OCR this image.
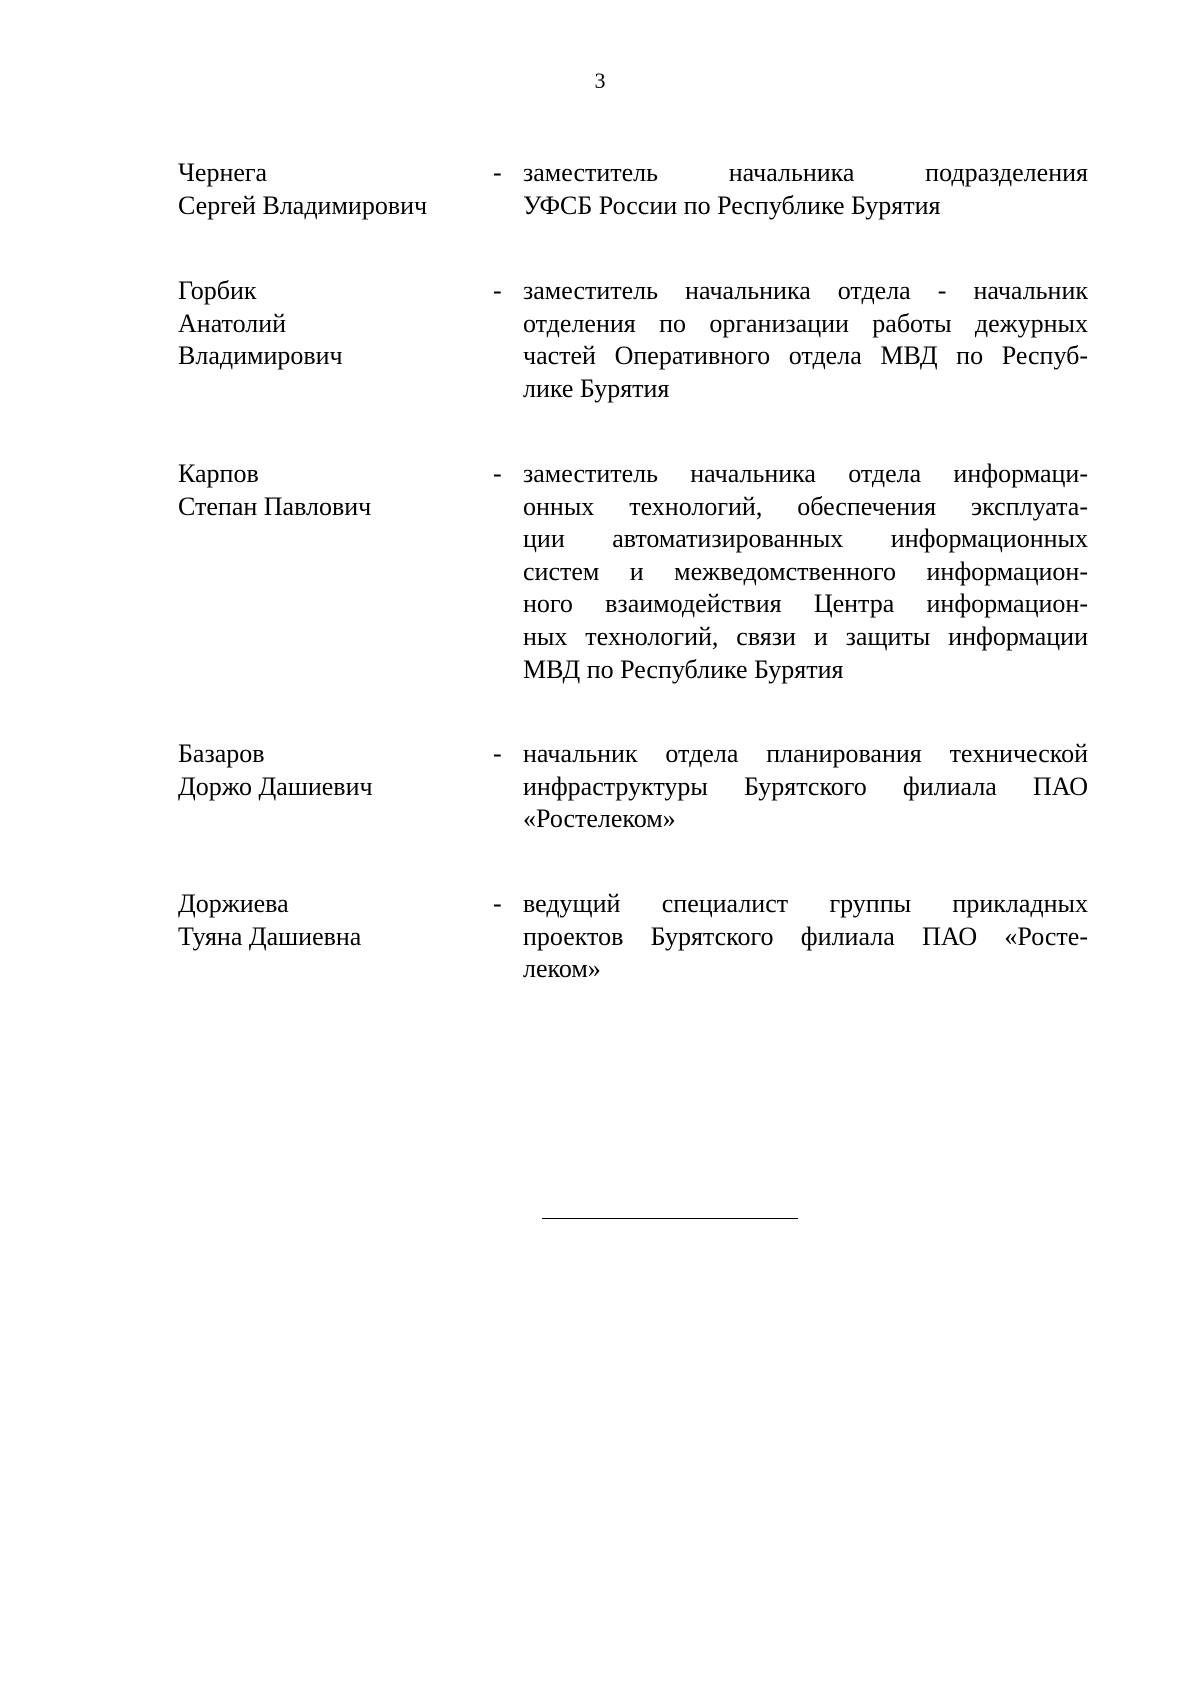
3
Чернега
Сергей Владимирович
- заместитель начальника подразделения
УФСБ России по Республике Бурятия
Горбик
Анатолий
Владимирович
- заместитель начальника отдела - начальник
отделения по организации работы дежурных
частей Оперативного отдела МВД по Респуб-
лике Бурятия
Карпов
Степан Павлович
- заместитель начальника отдела информаци-
онных технологий, обеспечения эксплуата-
ции автоматизированных информационных
систем и межведомственного информацион-
ного взаимодействия Центра информацион-
ных технологий, связи и защиты информации
МВД по Республике Бурятия
Базаров
Доржо Дашиевич
- начальник отдела планирования технической
инфраструктуры Бурятского филиала ПАО
«Ростелеком»
Доржиева
Туяна Дашиевна
- ведущий специалист группы прикладных
проектов Бурятского филиала ПАО «Росте-
леком»
